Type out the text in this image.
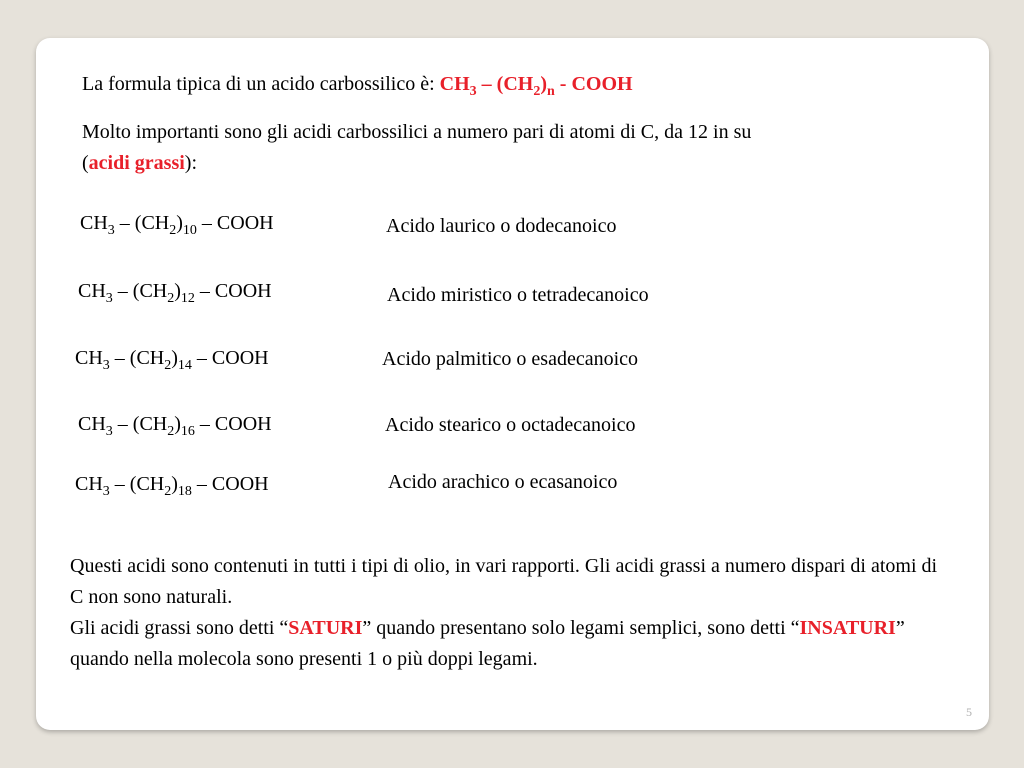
La formula tipica di un acido carbossilico è: $CH_3 - (CH_2)_n$ - COOH
Molto importanti sono gli acidi carbossilici a numero pari di atomi di C, da 12 in su
(acidi grassi):
$CH_3 - (CH_2)_{10}$ – COOH	Acido laurico o dodecanoico
$CH_3 - (CH_2)_{12}$ – COOH	Acido miristico o tetradecanoico
$CH_3 - (CH_2)_{14}$ – COOH	Acido palmitico o esadecanoico
$CH_3 - (CH_2)_{16}$ – COOH	Acido stearico o octadecanoico
$CH_3 - (CH_2)_{18}$ – COOH	Acido arachico o ecasanoico
Questi acidi sono contenuti in tutti i tipi di olio, in vari rapporti. Gli acidi grassi a numero dispari di atomi di C non sono naturali.
Gli acidi grassi sono detti “SATURI” quando presentano solo legami semplici, sono detti “INSATURI” quando nella molecola sono presenti 1 o più doppi legami.
5
